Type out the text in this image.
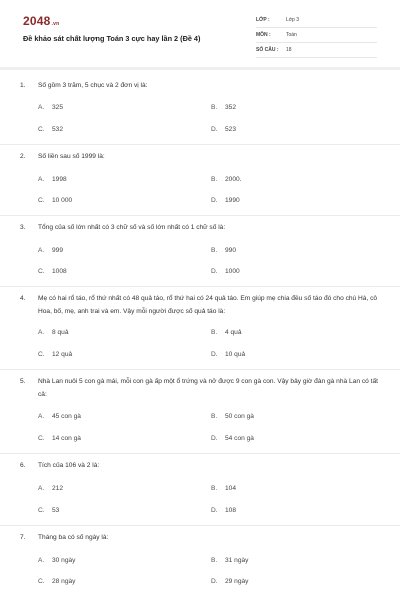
2048.vn
Đề khảo sát chất lượng Toán 3 cực hay lần 2 (Đề 4)
LỚP :	Lớp 3
MÔN :	Toán
SỐ CÂU : 18
1. Số gồm 3 trăm, 5 chục và 2 đơn vị là:
A. 325	B. 352
C. 532	D. 523
2. Số liền sau số 1999 là:
A. 1998	B. 2000.
C. 10 000	D. 1990
3. Tổng của số lớn nhất có 3 chữ số và số lớn nhất có 1 chữ số là:
A. 999	B. 990
C. 1008	D. 1000
4. Mẹ có hai rổ táo, rổ thứ nhất có 48 quả táo, rổ thứ hai có 24 quả táo. Em giúp mẹ chia đều số táo đó cho chú Hà, cô Hoa, bố, mẹ, anh trai và em. Vậy mỗi người được số quả táo là:
A. 8 quả	B. 4 quả
C. 12 quả	D. 10 quả
5. Nhà Lan nuôi 5 con gà mái, mỗi con gà ấp một ổ trứng và nở được 9 con gà con. Vậy bây giờ đàn gà nhà Lan có tất cả:
A. 45 con gà	B. 50 con gà
C. 14 con gà	D. 54 con gà
6. Tích của 106 và 2 là:
A. 212	B. 104
C. 53	D. 108
7. Tháng ba có số ngày là:
A. 30 ngày	B. 31 ngày
C. 28 ngày	D. 29 ngày
